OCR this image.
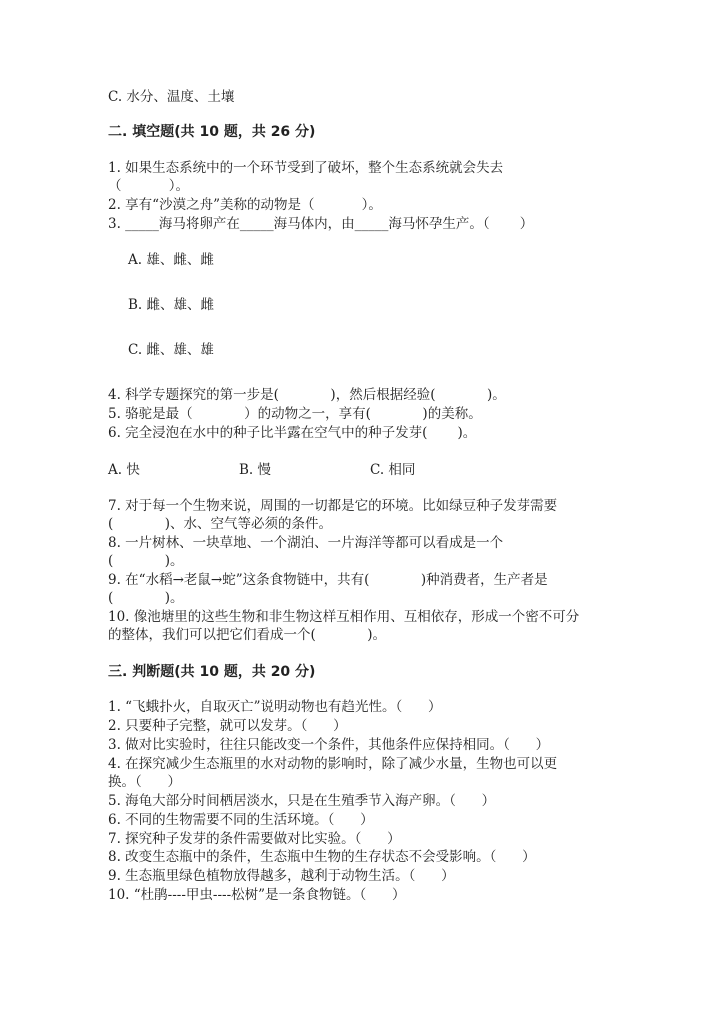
C. 水分、温度、土壤
二. 填空题(共 10 题，共 26 分)
1. 如果生态系统中的一个环节受到了破坏，整个生态系统就会失去
（           ）。
2. 享有“沙漠之舟”美称的动物是（           ）。
3. _____海马将卵产在_____海马体内，由_____海马怀孕生产。（       ）
A. 雄、雌、雌
B. 雌、雄、雌
C. 雌、雄、雄
4. 科学专题探究的第一步是(            )，然后根据经验(            )。
5. 骆驼是最（            ）的动物之一，享有(            )的美称。
6. 完全浸泡在水中的种子比半露在空气中的种子发芽(       )。
A. 快	B. 慢	C. 相同
7. 对于每一个生物来说，周围的一切都是它的环境。比如绿豆种子发芽需要
(            )、水、空气等必须的条件。
8. 一片树林、一块草地、一个湖泊、一片海洋等都可以看成是一个
(            )。
9. 在“水稻→老鼠→蛇”这条食物链中，共有(            )种消费者，生产者是
(            )。
10. 像池塘里的这些生物和非生物这样互相作用、互相依存，形成一个密不可分
的整体，我们可以把它们看成一个(            )。
三. 判断题(共 10 题，共 20 分)
1. “飞蛾扑火，自取灭亡”说明动物也有趋光性。（      ）
2. 只要种子完整，就可以发芽。（      ）
3. 做对比实验时，往往只能改变一个条件，其他条件应保持相同。（      ）
4. 在探究减少生态瓶里的水对动物的影响时，除了减少水量，生物也可以更
换。（      ）
5. 海龟大部分时间栖居淡水，只是在生殖季节入海产卵。（      ）
6. 不同的生物需要不同的生活环境。（      ）
7. 探究种子发芽的条件需要做对比实验。（      ）
8. 改变生态瓶中的条件，生态瓶中生物的生存状态不会受影响。（      ）
9. 生态瓶里绿色植物放得越多，越利于动物生活。（      ）
10. “杜鹃----甲虫----松树”是一条食物链。（      ）
